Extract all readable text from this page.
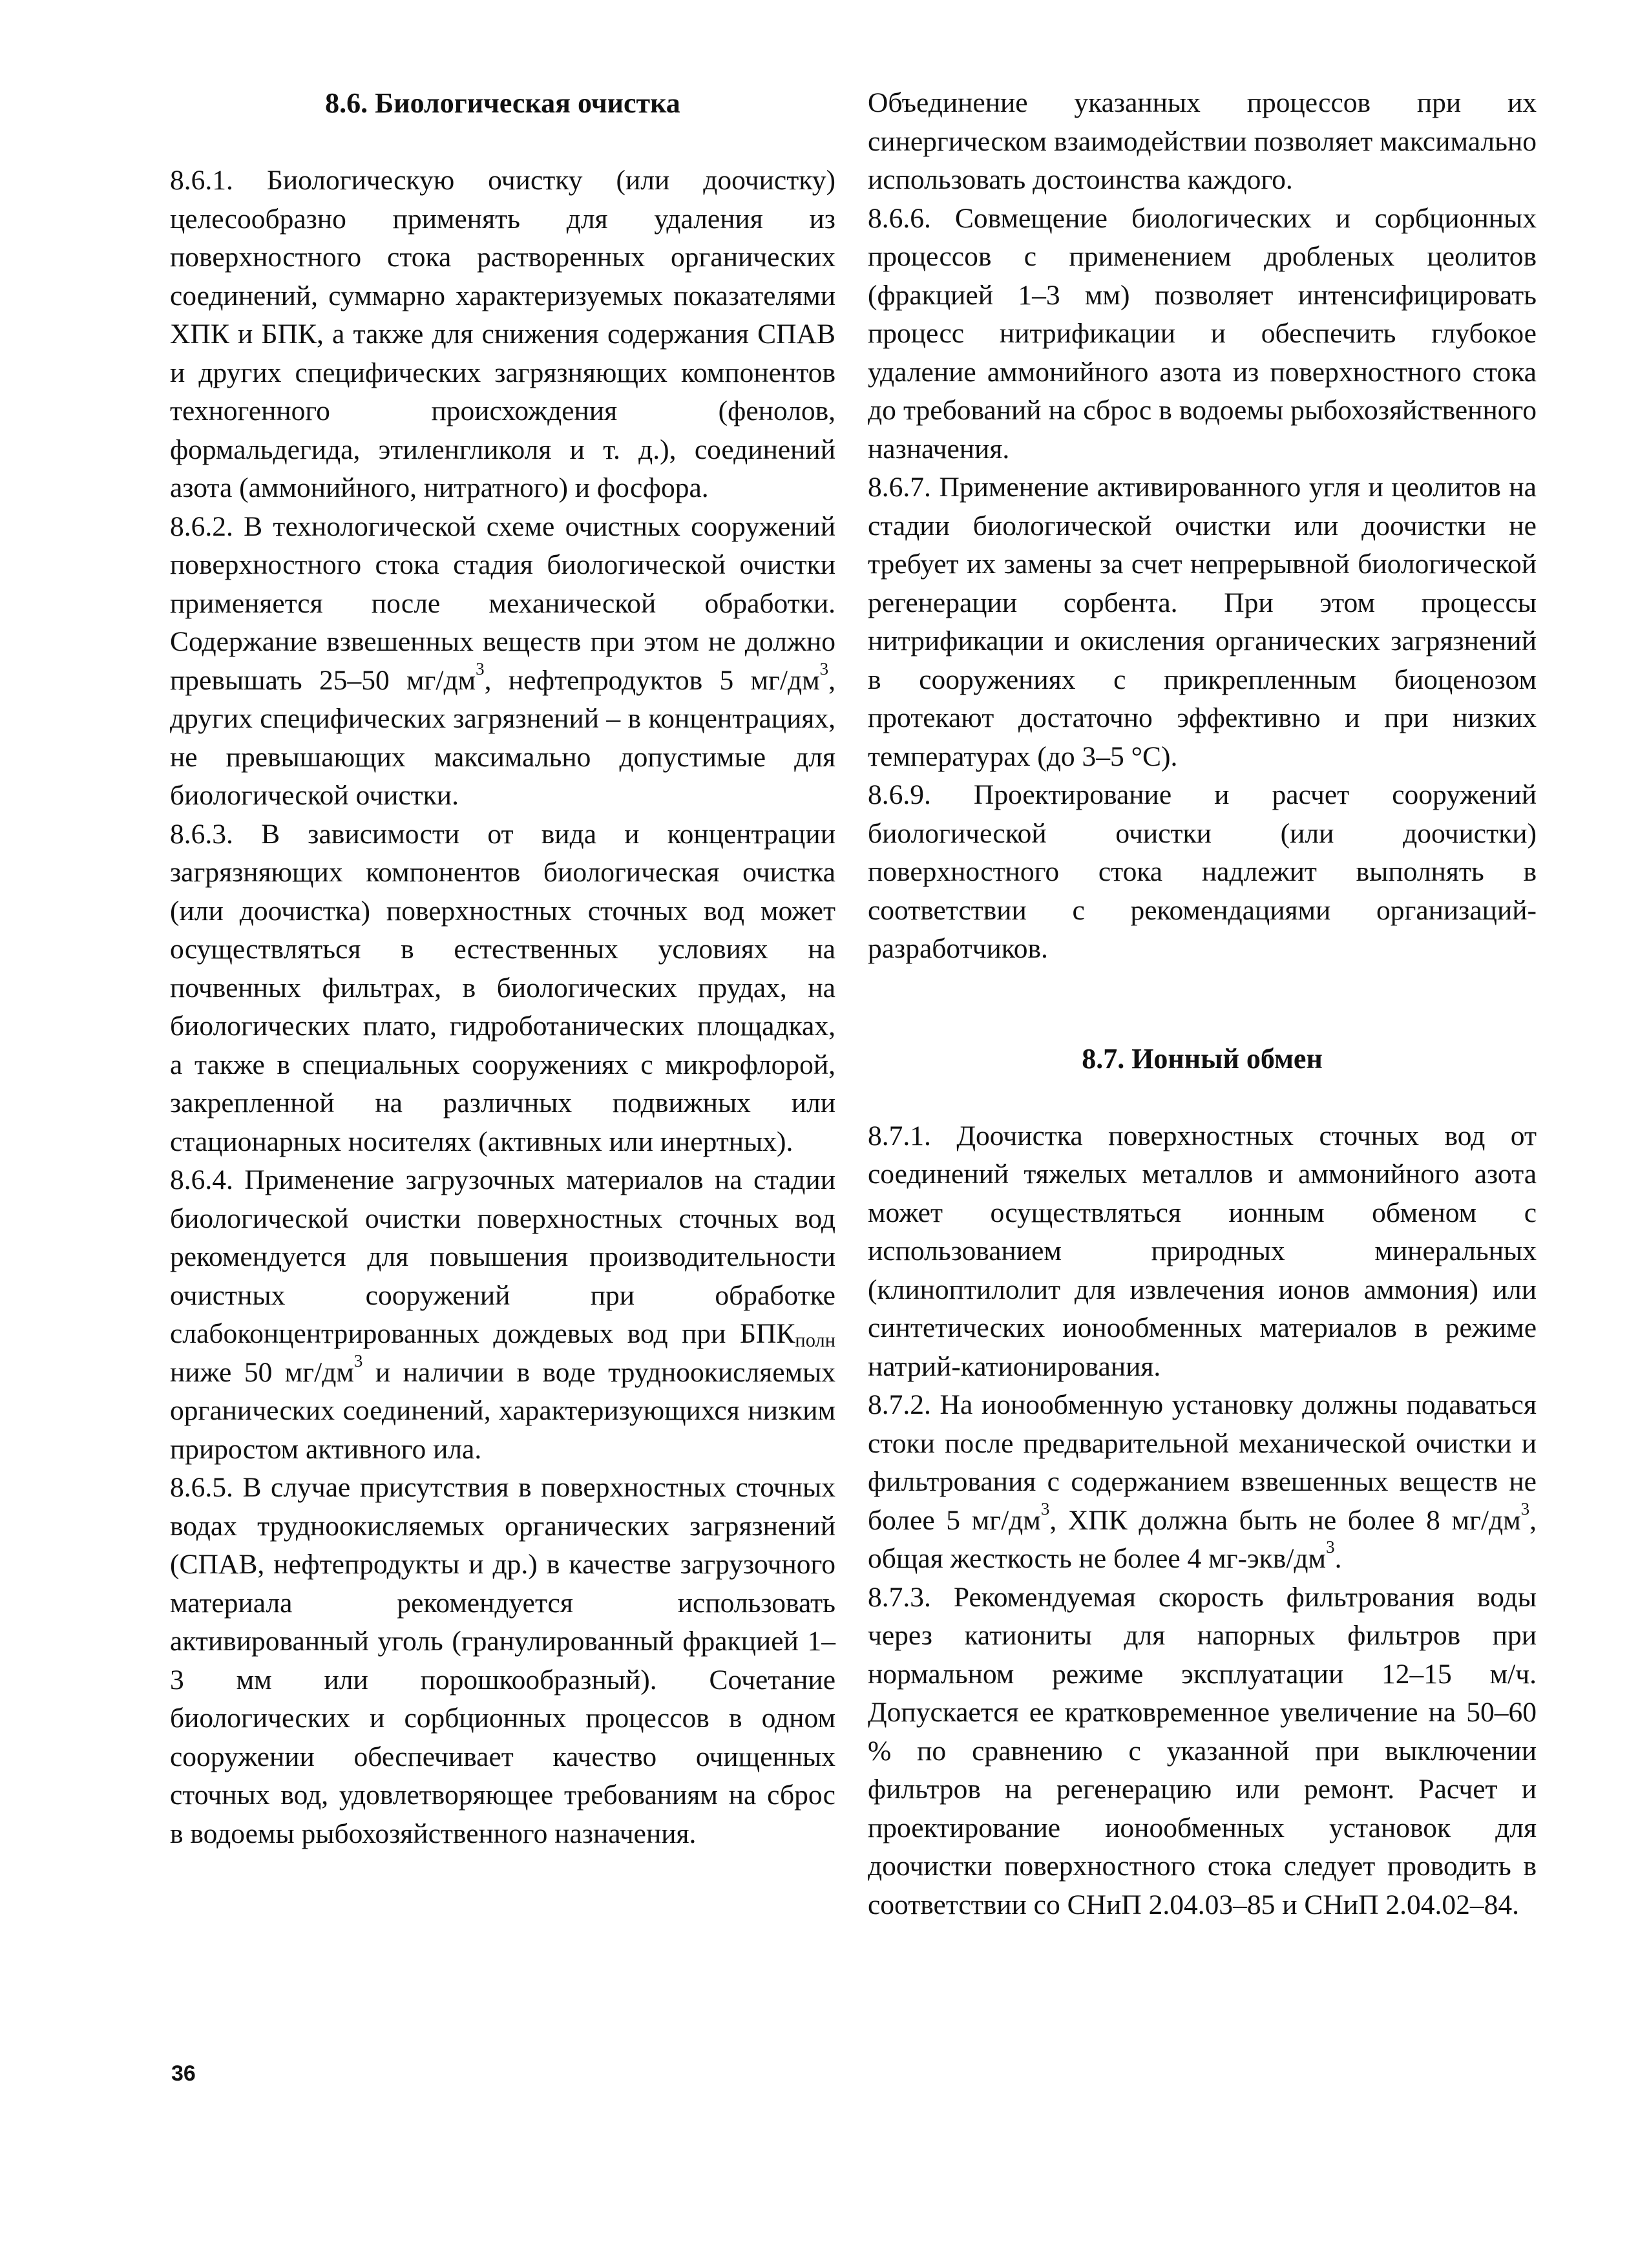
8.6. Биологическая очистка

8.6.1. Биологическую очистку (или доочистку) целесообразно применять для удаления из поверхностного стока растворенных органических соединений, суммарно характеризуемых показателями ХПК и БПК, а также для снижения содержания СПАВ и других специфических загрязняющих компонентов техногенного происхождения (фенолов, формальдегида, этиленгликоля и т. д.), соединений азота (аммонийного, нитратного) и фосфора.

8.6.2. В технологической схеме очистных сооружений поверхностного стока стадия биологической очистки применяется после механической обработки. Содержание взвешенных веществ при этом не должно превышать 25–50 $мг/дм^3$, нефтепродуктов 5 $мг/дм^3$, других специфических загрязнений – в концентрациях, не превышающих максимально допустимые для биологической очистки.

8.6.3. В зависимости от вида и концентрации загрязняющих компонентов биологическая очистка (или доочистка) поверхностных сточных вод может осуществляться в естественных условиях на почвенных фильтрах, в биологических прудах, на биологических плато, гидроботанических площадках, а также в специальных сооружениях с микрофлорой, закрепленной на различных подвижных или стационарных носителях (активных или инертных).

8.6.4. Применение загрузочных материалов на стадии биологической очистки поверхностных сточных вод рекомендуется для повышения производительности очистных сооружений при обработке слабоконцентрированных дождевых вод при $БПК_{полн}$ ниже 50 $мг/дм^3$ и наличии в воде трудноокисляемых органических соединений, характеризующихся низким приростом активного ила.

8.6.5. В случае присутствия в поверхностных сточных водах трудноокисляемых органических загрязнений (СПАВ, нефтепродукты и др.) в качестве загрузочного материала рекомендуется использовать активированный уголь (гранулированный фракцией 1–3 мм или порошкообразный). Сочетание биологических и сорбционных процессов в одном сооружении обеспечивает качество очищенных сточных вод, удовлетворяющее требованиям на сброс в водоемы рыбохозяйственного назначения.

Объединение указанных процессов при их синергическом взаимодействии позволяет максимально использовать достоинства каждого.

8.6.6. Совмещение биологических и сорбционных процессов с применением дробленых цеолитов (фракцией 1–3 мм) позволяет интенсифицировать процесс нитрификации и обеспечить глубокое удаление аммонийного азота из поверхностного стока до требований на сброс в водоемы рыбохозяйственного назначения.

8.6.7. Применение активированного угля и цеолитов на стадии биологической очистки или доочистки не требует их замены за счет непрерывной биологической регенерации сорбента. При этом процессы нитрификации и окисления органических загрязнений в сооружениях с прикрепленным биоценозом протекают достаточно эффективно и при низких температурах (до 3–5 °С).

8.6.9. Проектирование и расчет сооружений биологической очистки (или доочистки) поверхностного стока надлежит выполнять в соответствии с рекомендациями организаций-разработчиков.

8.7. Ионный обмен

8.7.1. Доочистка поверхностных сточных вод от соединений тяжелых металлов и аммонийного азота может осуществляться ионным обменом с использованием природных минеральных (клиноптилолит для извлечения ионов аммония) или синтетических ионообменных материалов в режиме натрий-катионирования.

8.7.2. На ионообменную установку должны подаваться стоки после предварительной механической очистки и фильтрования с содержанием взвешенных веществ не более 5 $мг/дм^3$, ХПК должна быть не более 8 $мг/дм^3$, общая жесткость не более 4 $мг-экв/дм^3$.

8.7.3. Рекомендуемая скорость фильтрования воды через катиониты для напорных фильтров при нормальном режиме эксплуатации 12–15 м/ч. Допускается ее кратковременное увеличение на 50–60 % по сравнению с указанной при выключении фильтров на регенерацию или ремонт. Расчет и проектирование ионообменных установок для доочистки поверхностного стока следует проводить в соответствии со СНиП 2.04.03–85 и СНиП 2.04.02–84.

36
